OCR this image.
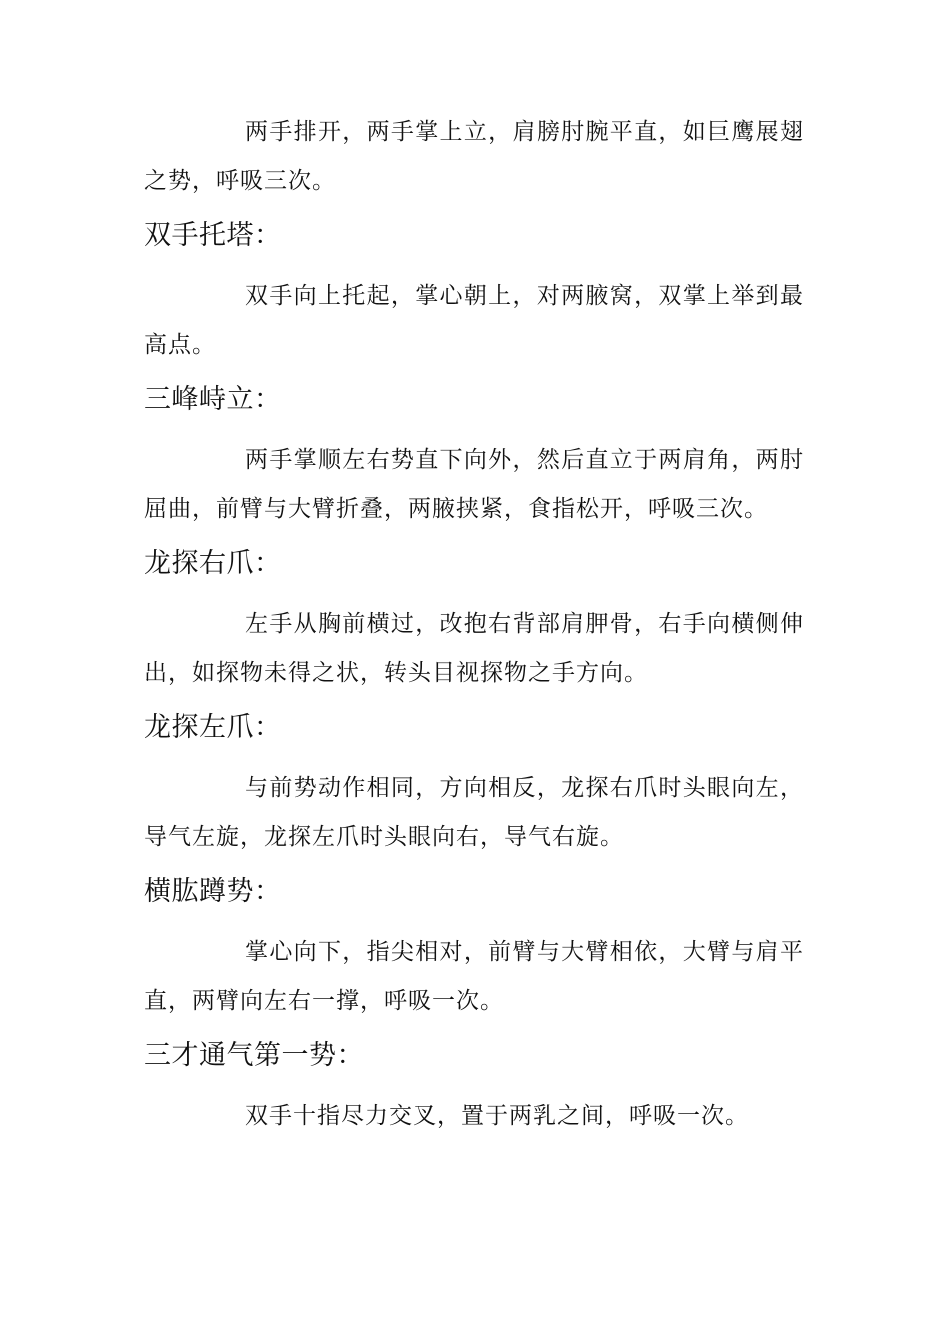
两手排开，两手掌上立，肩膀肘腕平直，如巨鹰展翅之势，呼吸三次。

双手托塔：

双手向上托起，掌心朝上，对两腋窝，双掌上举到最高点。

三峰峙立：

两手掌顺左右势直下向外，然后直立于两肩角，两肘屈曲，前臂与大臂折叠，两腋挟紧，食指松开，呼吸三次。

龙探右爪：

左手从胸前横过，改抱右背部肩胛骨，右手向横侧伸出，如探物未得之状，转头目视探物之手方向。

龙探左爪：

与前势动作相同，方向相反，龙探右爪时头眼向左，导气左旋，龙探左爪时头眼向右，导气右旋。

横肱蹲势：

掌心向下，指尖相对，前臂与大臂相依，大臂与肩平直，两臂向左右一撑，呼吸一次。

三才通气第一势：

双手十指尽力交叉，置于两乳之间，呼吸一次。
